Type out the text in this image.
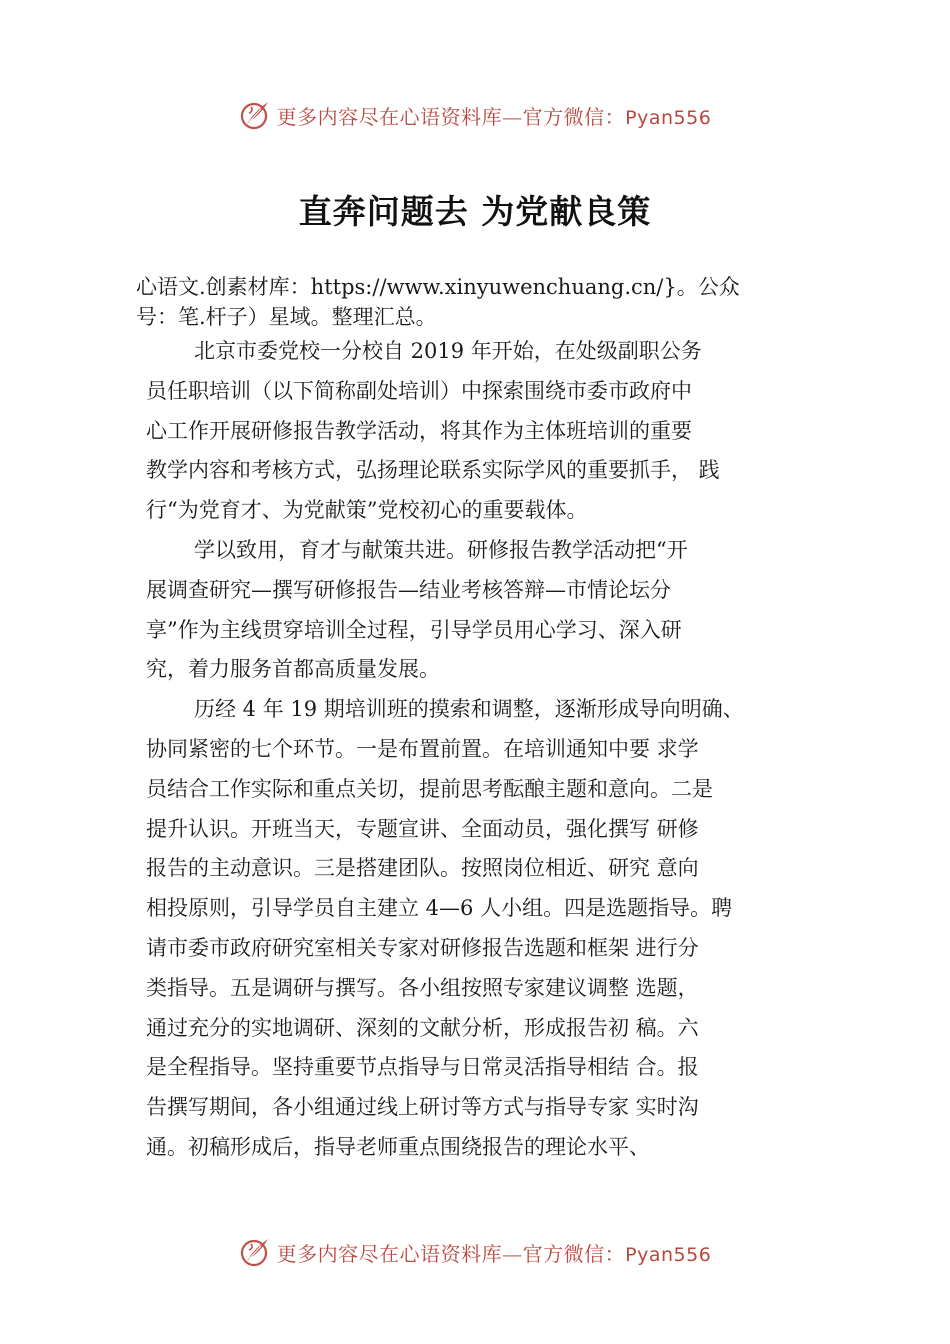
更多内容尽在心语资料库—官方微信：Pyan556
直奔问题去 为党献良策
心语文.创素材库：https://www.xinyuwenchuang.cn/}。公众
号：笔.杆子）星域。整理汇总。
北京市委党校一分校自 2019 年开始，在处级副职公务
员任职培训（以下简称副处培训）中探索围绕市委市政府中
心工作开展研修报告教学活动，将其作为主体班培训的重要
教学内容和考核方式，弘扬理论联系实际学风的重要抓手， 践
行“为党育才、为党献策”党校初心的重要载体。
学以致用，育才与献策共进。研修报告教学活动把“开
展调查研究—撰写研修报告—结业考核答辩—市情论坛分
享”作为主线贯穿培训全过程，引导学员用心学习、深入研
究，着力服务首都高质量发展。
历经 4 年 19 期培训班的摸索和调整，逐渐形成导向明确、
协同紧密的七个环节。一是布置前置。在培训通知中要 求学
员结合工作实际和重点关切，提前思考酝酿主题和意向。二是
提升认识。开班当天，专题宣讲、全面动员，强化撰写 研修
报告的主动意识。三是搭建团队。按照岗位相近、研究 意向
相投原则，引导学员自主建立 4—6 人小组。四是选题指导。聘
请市委市政府研究室相关专家对研修报告选题和框架 进行分
类指导。五是调研与撰写。各小组按照专家建议调整 选题，
通过充分的实地调研、深刻的文献分析，形成报告初 稿。六
是全程指导。坚持重要节点指导与日常灵活指导相结 合。报
告撰写期间，各小组通过线上研讨等方式与指导专家 实时沟
通。初稿形成后，指导老师重点围绕报告的理论水平、
更多内容尽在心语资料库—官方微信：Pyan556
